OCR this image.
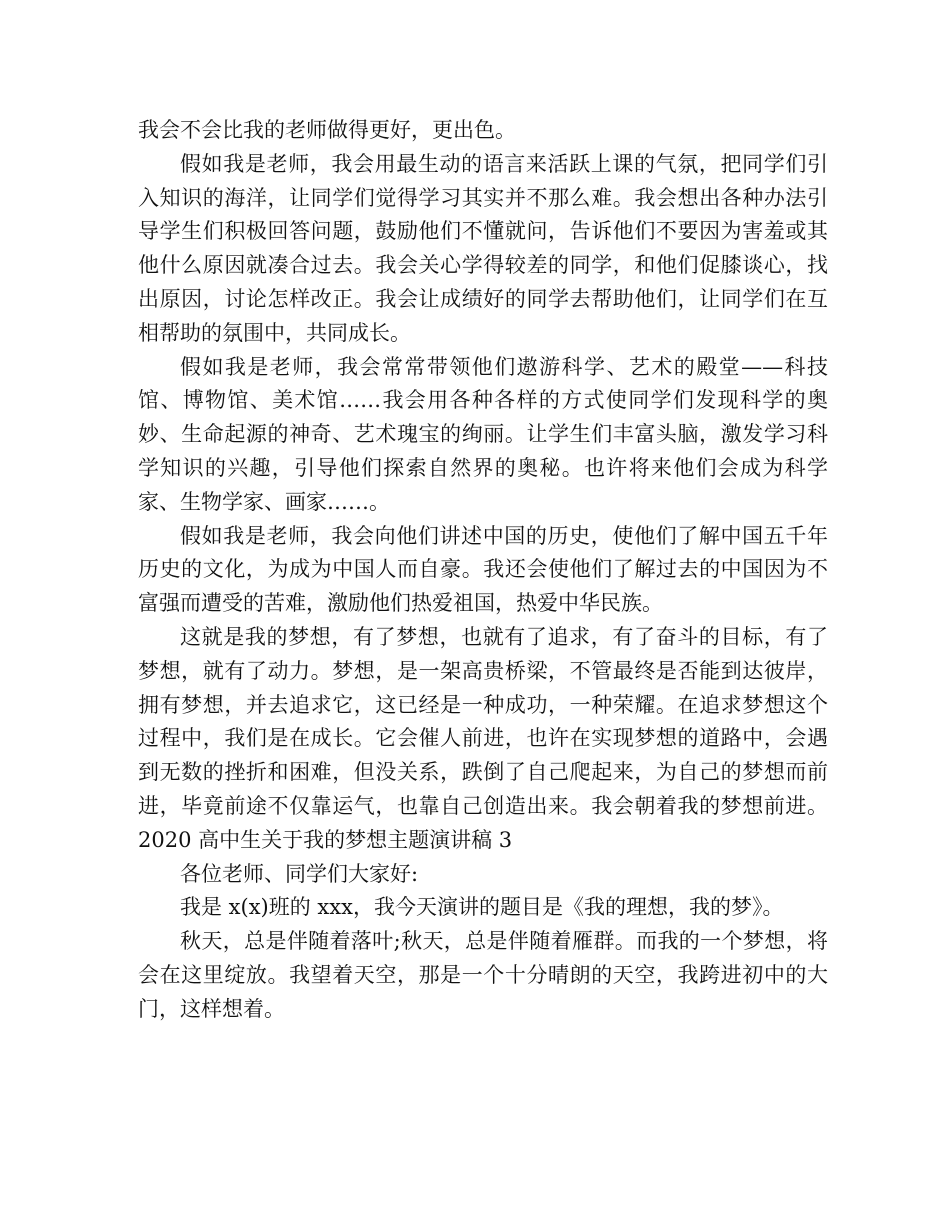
我会不会比我的老师做得更好，更出色。

假如我是老师，我会用最生动的语言来活跃上课的气氛，把同学们引入知识的海洋，让同学们觉得学习其实并不那么难。我会想出各种办法引导学生们积极回答问题，鼓励他们不懂就问，告诉他们不要因为害羞或其他什么原因就凑合过去。我会关心学得较差的同学，和他们促膝谈心，找出原因，讨论怎样改正。我会让成绩好的同学去帮助他们，让同学们在互相帮助的氛围中，共同成长。

假如我是老师，我会常常带领他们遨游科学、艺术的殿堂——科技馆、博物馆、美术馆……我会用各种各样的方式使同学们发现科学的奥妙、生命起源的神奇、艺术瑰宝的绚丽。让学生们丰富头脑，激发学习科学知识的兴趣，引导他们探索自然界的奥秘。也许将来他们会成为科学家、生物学家、画家……。

假如我是老师，我会向他们讲述中国的历史，使他们了解中国五千年历史的文化，为成为中国人而自豪。我还会使他们了解过去的中国因为不富强而遭受的苦难，激励他们热爱祖国，热爱中华民族。

这就是我的梦想，有了梦想，也就有了追求，有了奋斗的目标，有了梦想，就有了动力。梦想，是一架高贵桥梁，不管最终是否能到达彼岸，拥有梦想，并去追求它，这已经是一种成功，一种荣耀。在追求梦想这个过程中，我们是在成长。它会催人前进，也许在实现梦想的道路中，会遇到无数的挫折和困难，但没关系，跌倒了自己爬起来，为自己的梦想而前进，毕竟前途不仅靠运气，也靠自己创造出来。我会朝着我的梦想前进。            2020 高中生关于我的梦想主题演讲稿 3

各位老师、同学们大家好:

我是 x(x)班的 xxx，我今天演讲的题目是《我的理想，我的梦》。

秋天，总是伴随着落叶;秋天，总是伴随着雁群。而我的一个梦想，将会在这里绽放。我望着天空，那是一个十分晴朗的天空，我跨进初中的大门，这样想着。
